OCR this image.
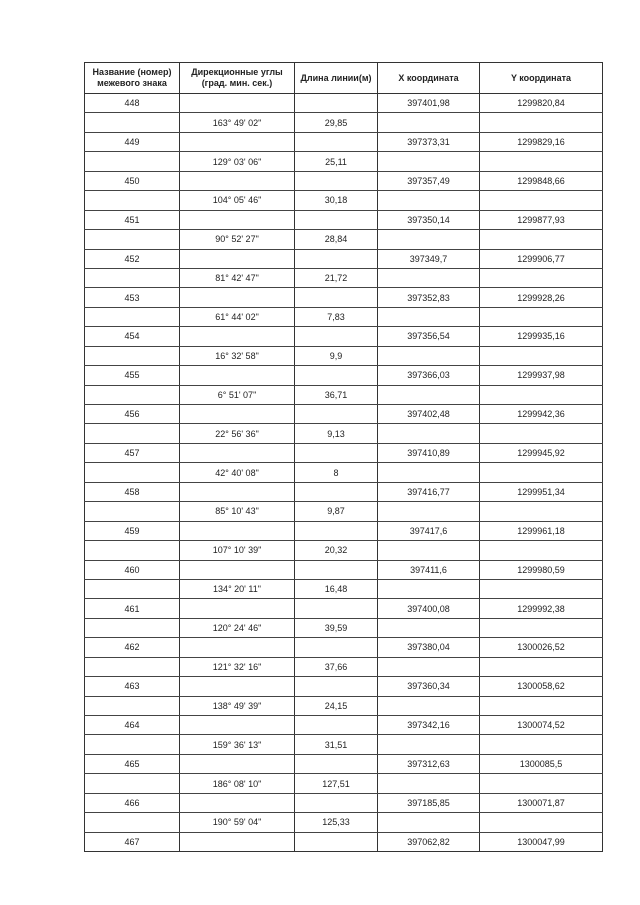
Название (номер) межевого знака	Дирекционные углы (град. мин. сек.)	Длина линии(м)	Х координата	Y координата
448			397401,98	1299820,84
	163° 49' 02"	29,85		
449			397373,31	1299829,16
	129° 03' 06"	25,11		
450			397357,49	1299848,66
	104° 05' 46"	30,18		
451			397350,14	1299877,93
	90° 52' 27"	28,84		
452			397349,7	1299906,77
	81° 42' 47"	21,72		
453			397352,83	1299928,26
	61° 44' 02"	7,83		
454			397356,54	1299935,16
	16° 32' 58"	9,9		
455			397366,03	1299937,98
	6° 51' 07"	36,71		
456			397402,48	1299942,36
	22° 56' 36"	9,13		
457			397410,89	1299945,92
	42° 40' 08"	8		
458			397416,77	1299951,34
	85° 10' 43"	9,87		
459			397417,6	1299961,18
	107° 10' 39"	20,32		
460			397411,6	1299980,59
	134° 20' 11"	16,48		
461			397400,08	1299992,38
	120° 24' 46"	39,59		
462			397380,04	1300026,52
	121° 32' 16"	37,66		
463			397360,34	1300058,62
	138° 49' 39"	24,15		
464			397342,16	1300074,52
	159° 36' 13"	31,51		
465			397312,63	1300085,5
	186° 08' 10"	127,51		
466			397185,85	1300071,87
	190° 59' 04"	125,33		
467			397062,82	1300047,99
